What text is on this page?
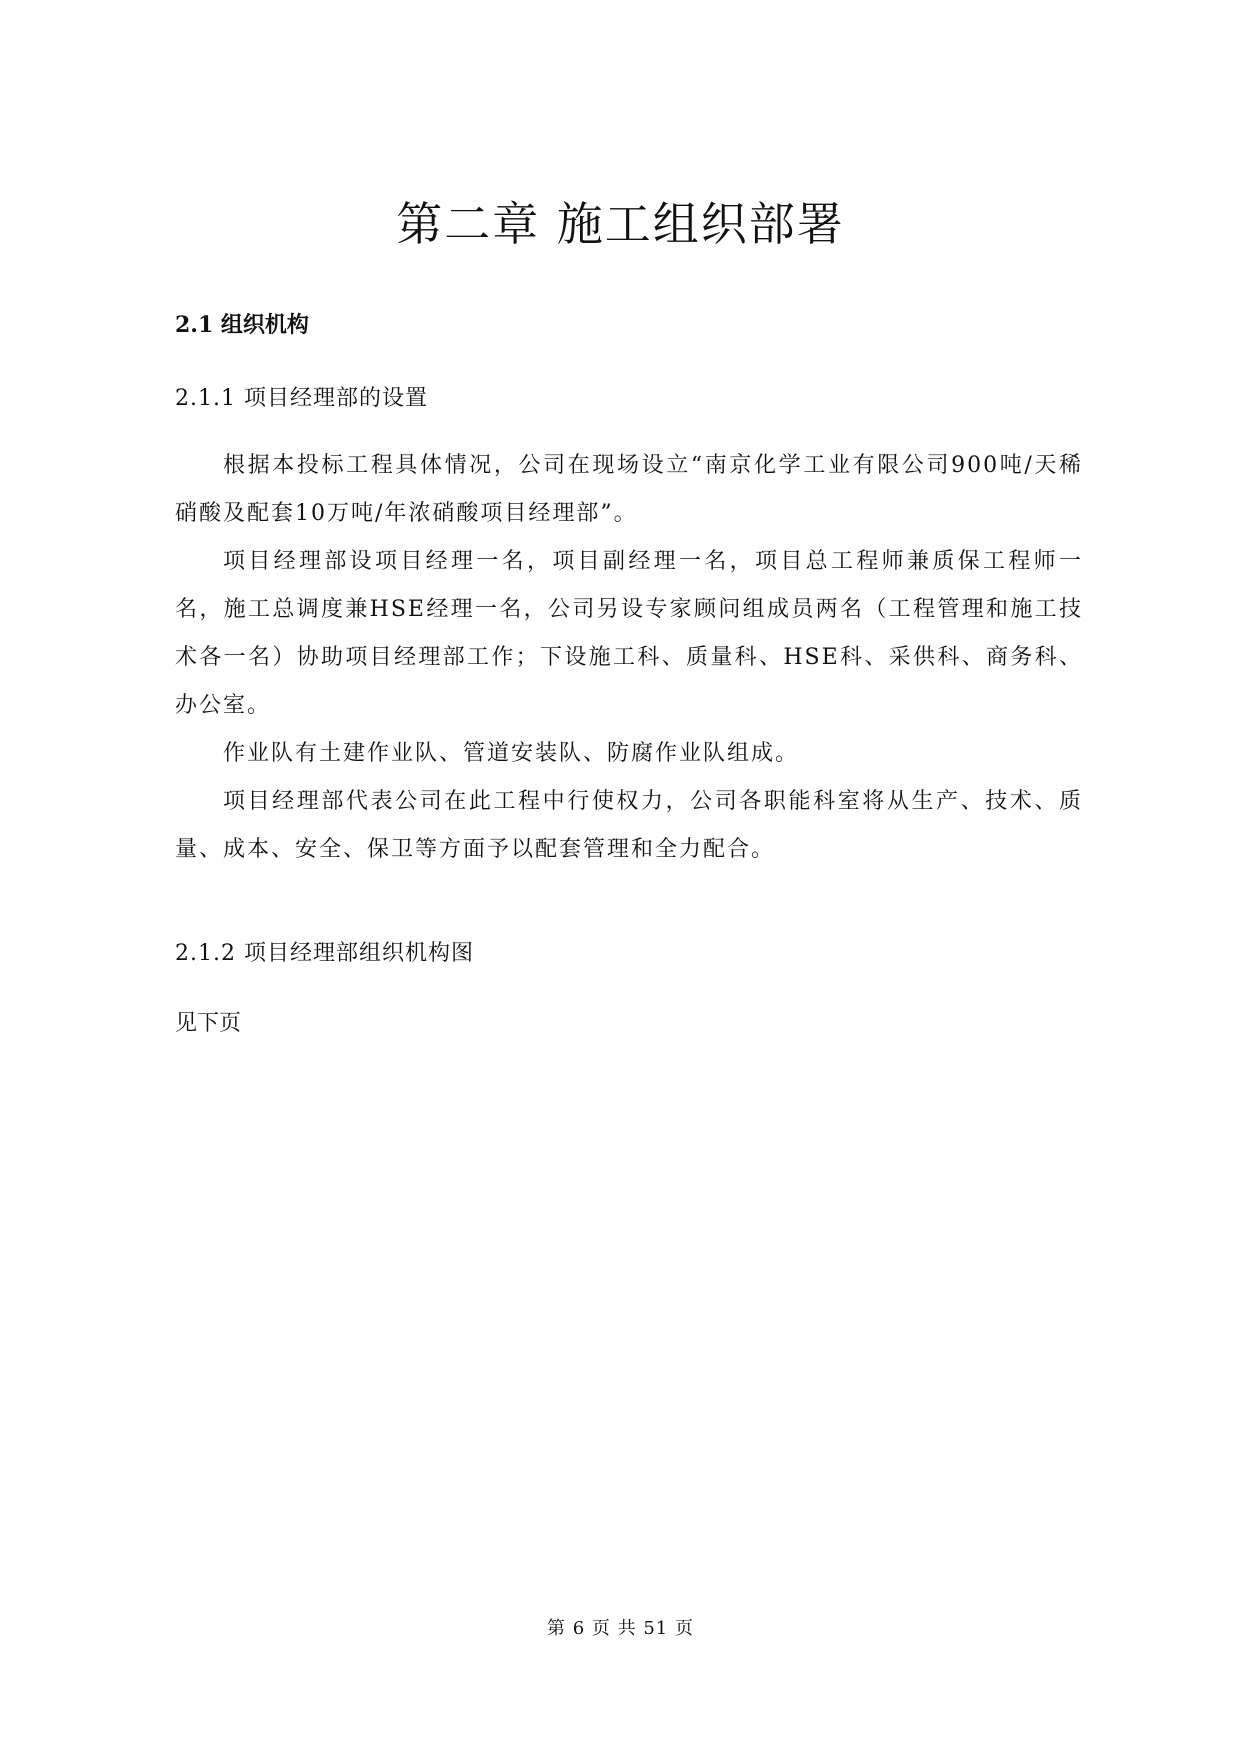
第二章 施工组织部署
2.1 组织机构
2.1.1 项目经理部的设置

根据本投标工程具体情况，公司在现场设立“南京化学工业有限公司900吨/天稀硝酸及配套10万吨/年浓硝酸项目经理部”。

项目经理部设项目经理一名，项目副经理一名，项目总工程师兼质保工程师一名，施工总调度兼HSE经理一名，公司另设专家顾问组成员两名（工程管理和施工技术各一名）协助项目经理部工作；下设施工科、质量科、HSE科、采供科、商务科、办公室。

作业队有土建作业队、管道安装队、防腐作业队组成。

项目经理部代表公司在此工程中行使权力，公司各职能科室将从生产、技术、质量、成本、安全、保卫等方面予以配套管理和全力配合。

2.1.2 项目经理部组织机构图

见下页

第 6 页 共 51 页
